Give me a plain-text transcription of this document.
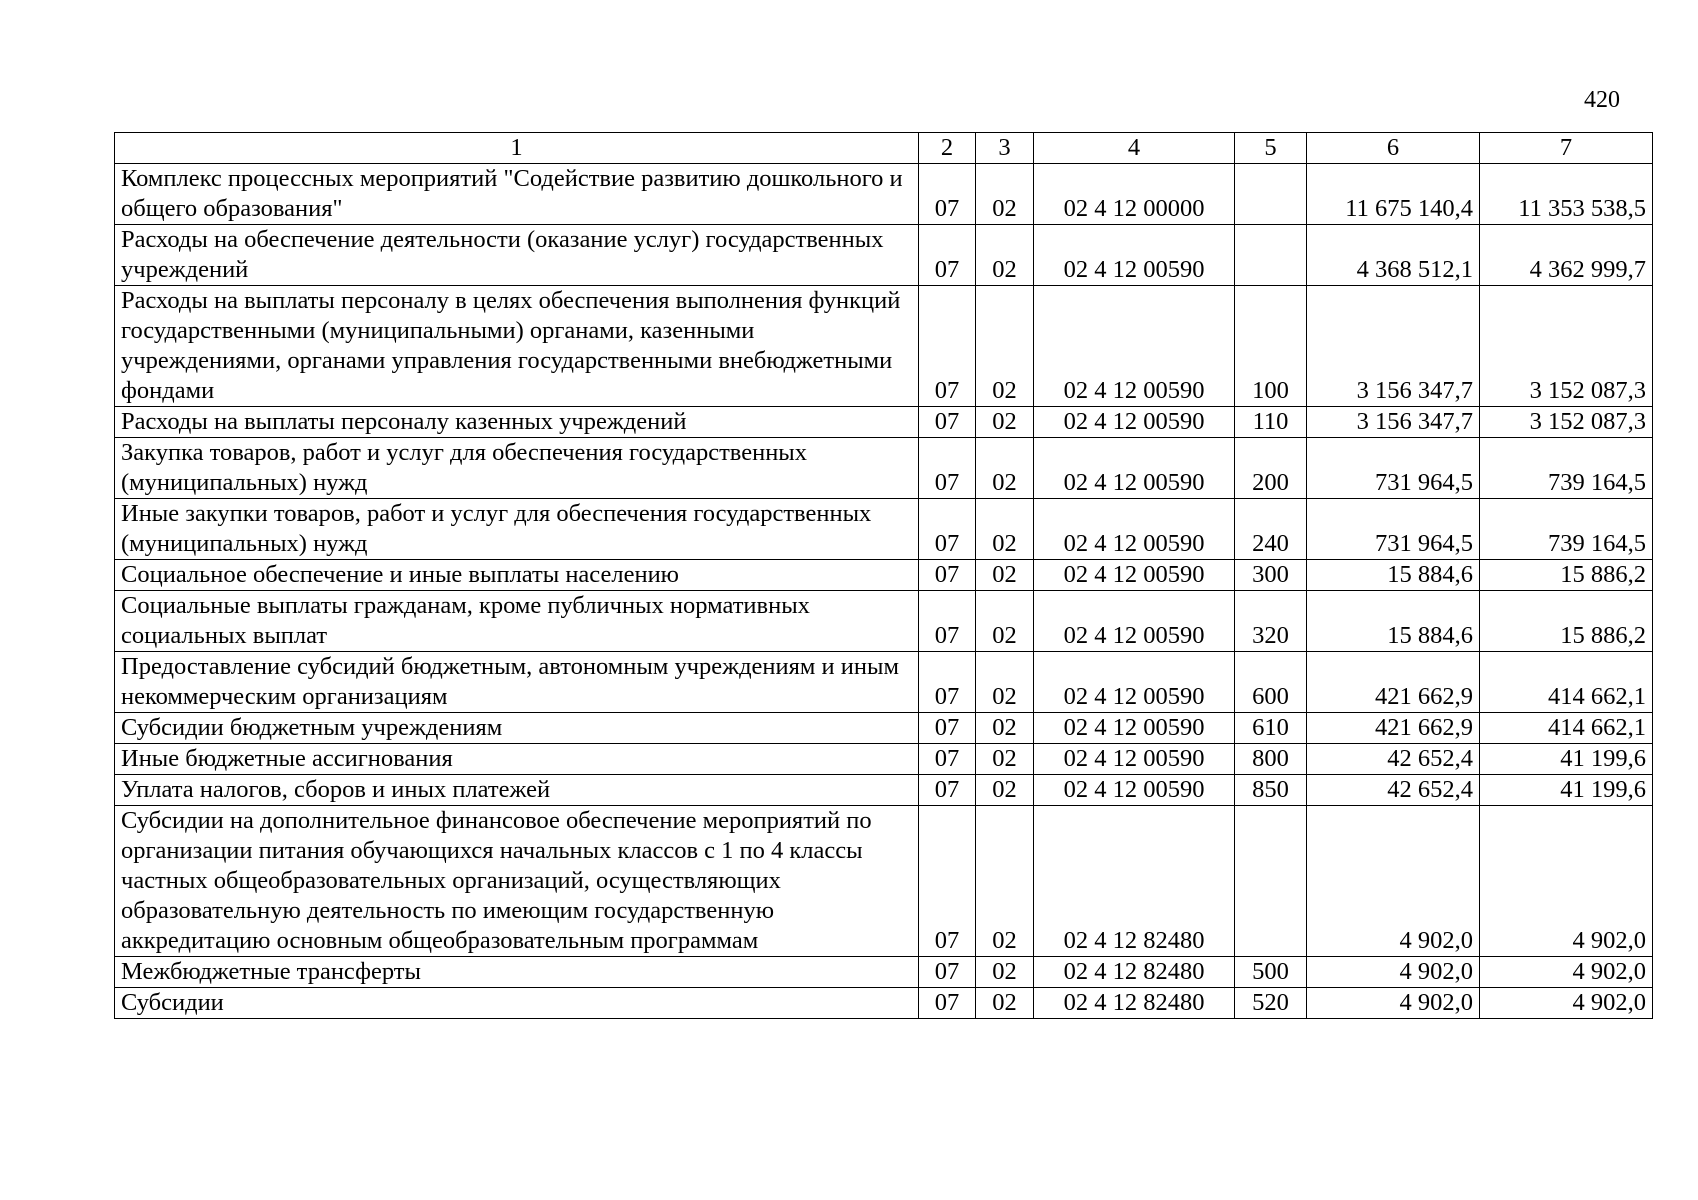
420
1	2	3	4	5	6	7
Комплекс процессных мероприятий "Содействие развитию дошкольного и общего образования"	07	02	02 4 12 00000		11 675 140,4	11 353 538,5
Расходы на обеспечение деятельности (оказание услуг) государственных учреждений	07	02	02 4 12 00590		4 368 512,1	4 362 999,7
Расходы на выплаты персоналу в целях обеспечения выполнения функций государственными (муниципальными) органами, казенными учреждениями, органами управления государственными внебюджетными фондами	07	02	02 4 12 00590	100	3 156 347,7	3 152 087,3
Расходы на выплаты персоналу казенных учреждений	07	02	02 4 12 00590	110	3 156 347,7	3 152 087,3
Закупка товаров, работ и услуг для обеспечения государственных (муниципальных) нужд	07	02	02 4 12 00590	200	731 964,5	739 164,5
Иные закупки товаров, работ и услуг для обеспечения государственных (муниципальных) нужд	07	02	02 4 12 00590	240	731 964,5	739 164,5
Социальное обеспечение и иные выплаты населению	07	02	02 4 12 00590	300	15 884,6	15 886,2
Социальные выплаты гражданам, кроме публичных нормативных социальных выплат	07	02	02 4 12 00590	320	15 884,6	15 886,2
Предоставление субсидий бюджетным, автономным учреждениям и иным некоммерческим организациям	07	02	02 4 12 00590	600	421 662,9	414 662,1
Субсидии бюджетным учреждениям	07	02	02 4 12 00590	610	421 662,9	414 662,1
Иные бюджетные ассигнования	07	02	02 4 12 00590	800	42 652,4	41 199,6
Уплата налогов, сборов и иных платежей	07	02	02 4 12 00590	850	42 652,4	41 199,6
Субсидии на дополнительное финансовое обеспечение мероприятий по организации питания обучающихся начальных классов с 1 по 4 классы частных общеобразовательных организаций, осуществляющих образовательную деятельность по имеющим государственную аккредитацию основным общеобразовательным программам	07	02	02 4 12 82480		4 902,0	4 902,0
Межбюджетные трансферты	07	02	02 4 12 82480	500	4 902,0	4 902,0
Субсидии	07	02	02 4 12 82480	520	4 902,0	4 902,0
